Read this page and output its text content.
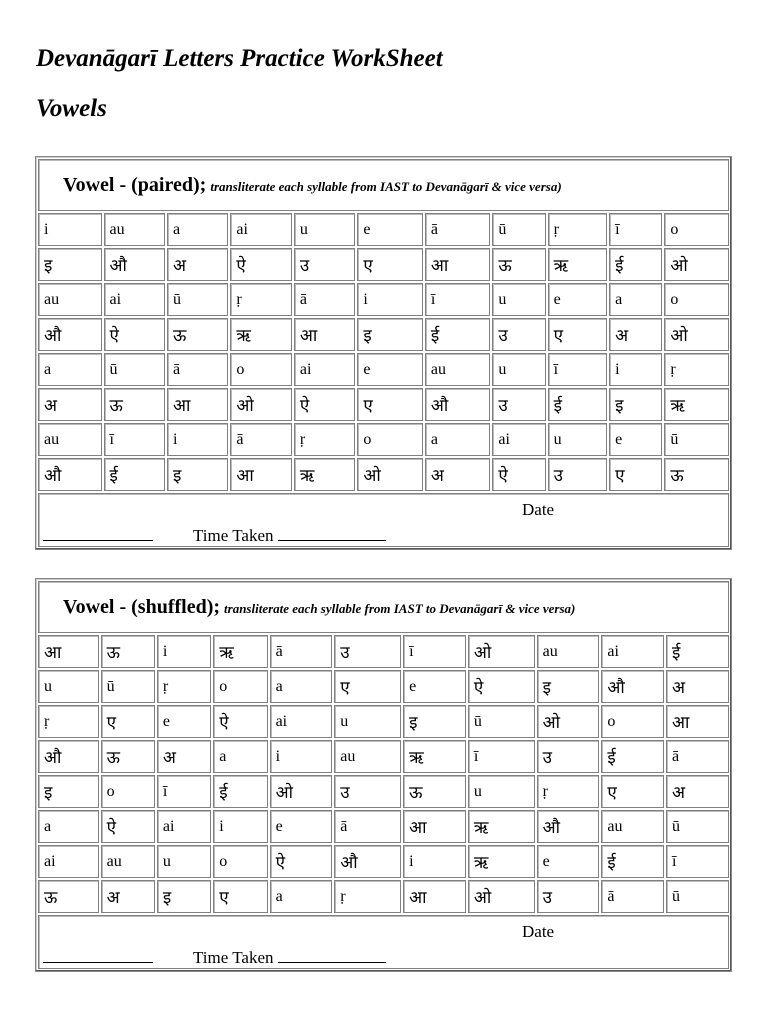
Devanāgarī Letters Practice WorkSheet
Vowels
Vowel - (paired); transliterate each syllable from IAST to Devanāgarī & vice versa)										
i	au	a	ai	u	e	ā	ū	ṛ	ī	o
इ	औ	अ	ऐ	उ	ए	आ	ऊ	ऋ	ई	ओ
au	ai	ū	ṛ	ā	i	ī	u	e	a	o
औ	ऐ	ऊ	ऋ	आ	इ	ई	उ	ए	अ	ओ
a	ū	ā	o	ai	e	au	u	ī	i	ṛ
अ	ऊ	आ	ओ	ऐ	ए	औ	उ	ई	इ	ऋ
au	ī	i	ā	ṛ	o	a	ai	u	e	ū
औ	ई	इ	आ	ऋ	ओ	अ	ऐ	उ	ए	ऊ

Date
Time Taken										
Vowel - (shuffled); transliterate each syllable from IAST to Devanāgarī & vice versa)										
आ	ऊ	i	ऋ	ā	उ	ī	ओ	au	ai	ई
u	ū	ṛ	o	a	ए	e	ऐ	इ	औ	अ
ṛ	ए	e	ऐ	ai	u	इ	ū	ओ	o	आ
औ	ऊ	अ	a	i	au	ऋ	ī	उ	ई	ā
इ	o	ī	ई	ओ	उ	ऊ	u	ṛ	ए	अ
a	ऐ	ai	i	e	ā	आ	ऋ	औ	au	ū
ai	au	u	o	ऐ	औ	i	ऋ	e	ई	ī
ऊ	अ	इ	ए	a	ṛ	आ	ओ	उ	ā	ū

Date
Time Taken										
